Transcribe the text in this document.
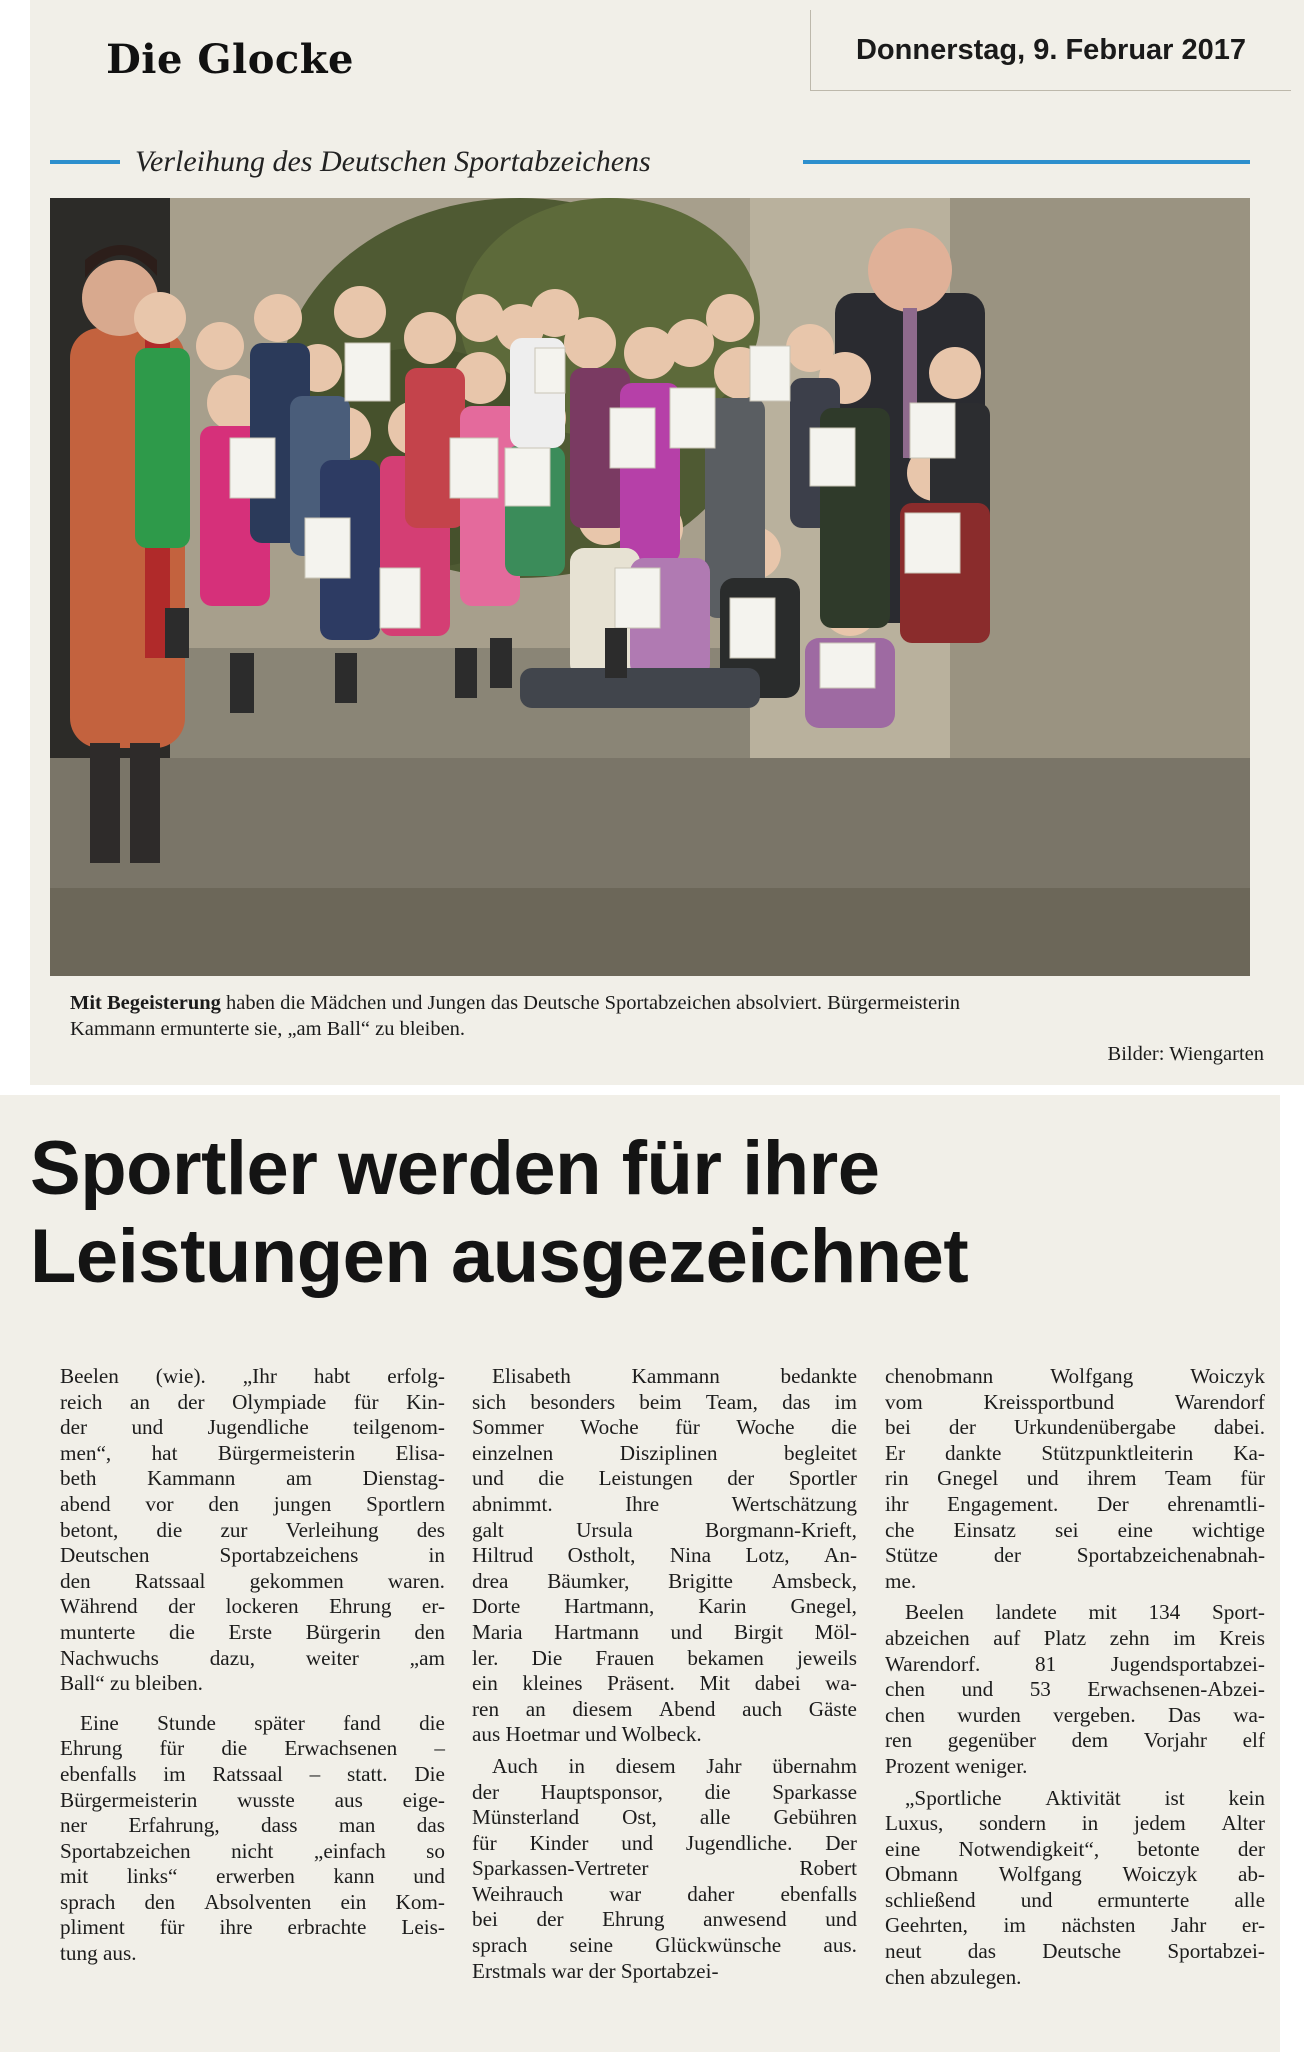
Die Glocke	Donnerstag, 9. Februar 2017
Verleihung des Deutschen Sportabzeichens
Mit Begeisterung haben die Mädchen und Jungen das Deutsche Sportabzeichen absolviert. Bürgermeisterin
Kammann ermunterte sie, „am Ball“ zu bleiben.
Bilder: Wiengarten
Sportler werden für ihre
Leistungen ausgezeichnet
Beelen (wie). „Ihr habt erfolg-
reich an der Olympiade für Kin-
der und Jugendliche teilgenom-
men“, hat Bürgermeisterin Elisa-
beth Kammann am Dienstag-
abend vor den jungen Sportlern
betont, die zur Verleihung des
Deutschen	Sportabzeichens	in
den Ratssaal gekommen waren.
Während der lockeren Ehrung er-
munterte die Erste Bürgerin den
Nachwuchs dazu, weiter „am
Ball“ zu bleiben.
Eine Stunde später fand die
Ehrung für die Erwachsenen –
ebenfalls im Ratssaal – statt. Die
Bürgermeisterin wusste aus eige-
ner Erfahrung, dass man das
Sportabzeichen nicht „einfach so
mit links“ erwerben kann und
sprach den Absolventen ein Kom-
pliment für ihre erbrachte Leis-
tung aus.
Elisabeth	Kammann	bedankte
sich besonders beim Team, das im
Sommer Woche für Woche die
einzelnen	Disziplinen	begleitet
und die Leistungen der Sportler
abnimmt.	Ihre	Wertschätzung
galt	Ursula	Borgmann-Krieft,
Hiltrud Ostholt, Nina Lotz, An-
drea Bäumker, Brigitte Amsbeck,
Dorte Hartmann, Karin Gnegel,
Maria Hartmann und Birgit Möl-
ler. Die Frauen bekamen jeweils
ein kleines Präsent. Mit dabei wa-
ren an diesem Abend auch Gäste
aus Hoetmar und Wolbeck.
Auch in diesem Jahr übernahm
der Hauptsponsor, die Sparkasse
Münsterland Ost, alle Gebühren
für Kinder und Jugendliche. Der
Sparkassen-Vertreter	Robert
Weihrauch war daher ebenfalls
bei der Ehrung anwesend und
sprach seine Glückwünsche aus.
Erstmals war der Sportabzei-
chenobmann	Wolfgang	Woiczyk
vom	Kreissportbund	Warendorf
bei der Urkundenübergabe dabei.
Er dankte Stützpunktleiterin Ka-
rin Gnegel und ihrem Team für
ihr Engagement. Der ehrenamtli-
che Einsatz sei eine wichtige
Stütze	der	Sportabzeichenabnah-
me.
Beelen landete mit 134 Sport-
abzeichen auf Platz zehn im Kreis
Warendorf.	81	Jugendsportabzei-
chen und 53 Erwachsenen-Abzei-
chen wurden vergeben. Das wa-
ren gegenüber dem Vorjahr elf
Prozent weniger.
„Sportliche Aktivität ist kein
Luxus, sondern in jedem Alter
eine Notwendigkeit“, betonte der
Obmann Wolfgang Woiczyk ab-
schließend und ermunterte alle
Geehrten, im nächsten Jahr er-
neut das Deutsche Sportabzei-
chen abzulegen.
